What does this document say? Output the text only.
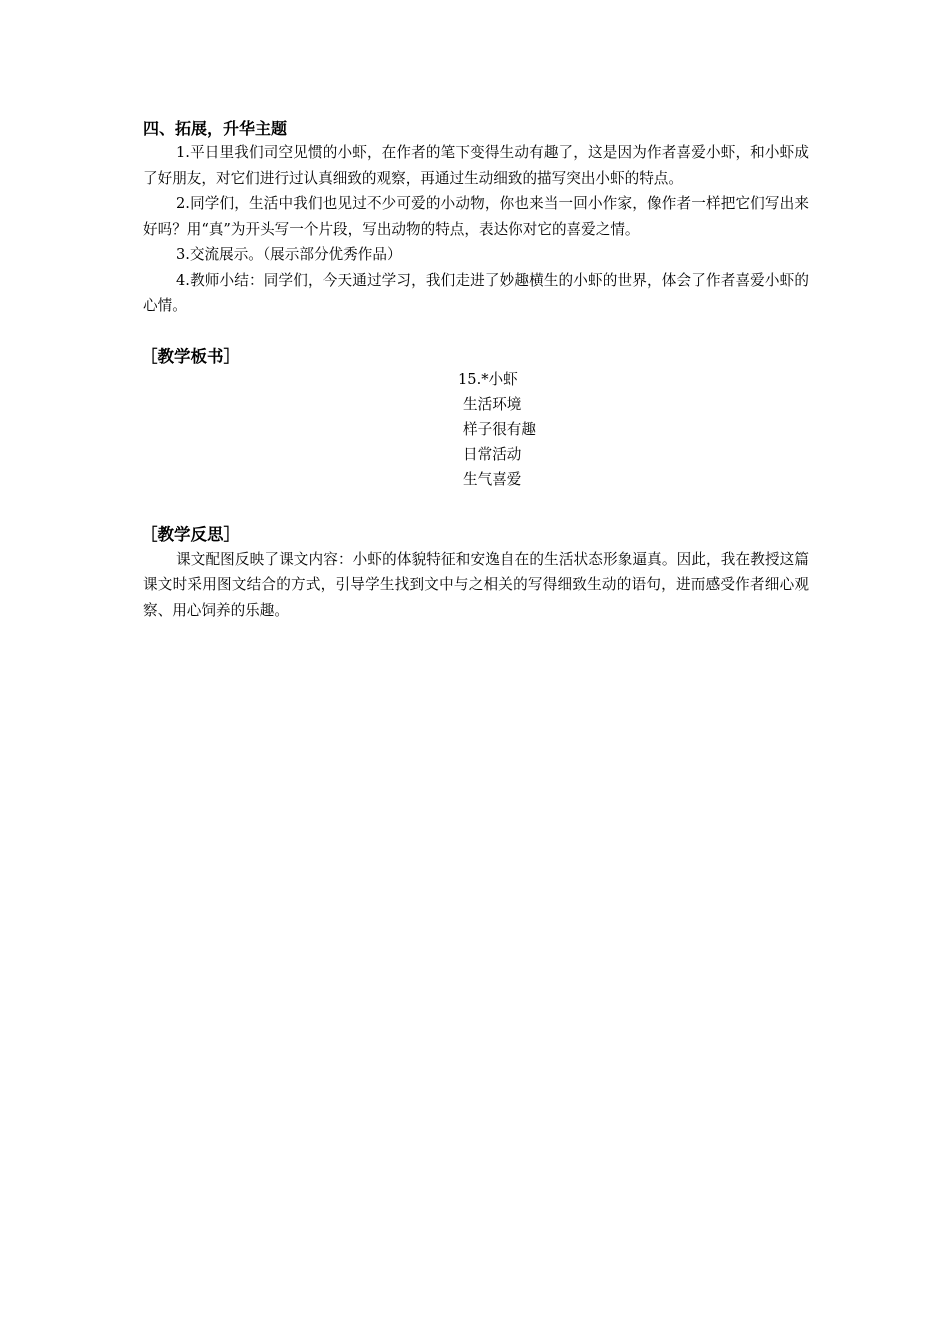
四、拓展，升华主题

1.平日里我们司空见惯的小虾，在作者的笔下变得生动有趣了，这是因为作者喜爱小虾，和小虾成了好朋友，对它们进行过认真细致的观察，再通过生动细致的描写突出小虾的特点。

2.同学们，生活中我们也见过不少可爱的小动物，你也来当一回小作家，像作者一样把它们写出来好吗？用“真”为开头写一个片段，写出动物的特点，表达你对它的喜爱之情。

3.交流展示。（展示部分优秀作品）

4.教师小结：同学们，今天通过学习，我们走进了妙趣横生的小虾的世界，体会了作者喜爱小虾的心情。

［教学板书］
15.*小虾
生活环境
样子很有趣
日常活动
生气喜爱
［教学反思］

课文配图反映了课文内容：小虾的体貌特征和安逸自在的生活状态形象逼真。因此，我在教授这篇课文时采用图文结合的方式，引导学生找到文中与之相关的写得细致生动的语句，进而感受作者细心观察、用心饲养的乐趣。
